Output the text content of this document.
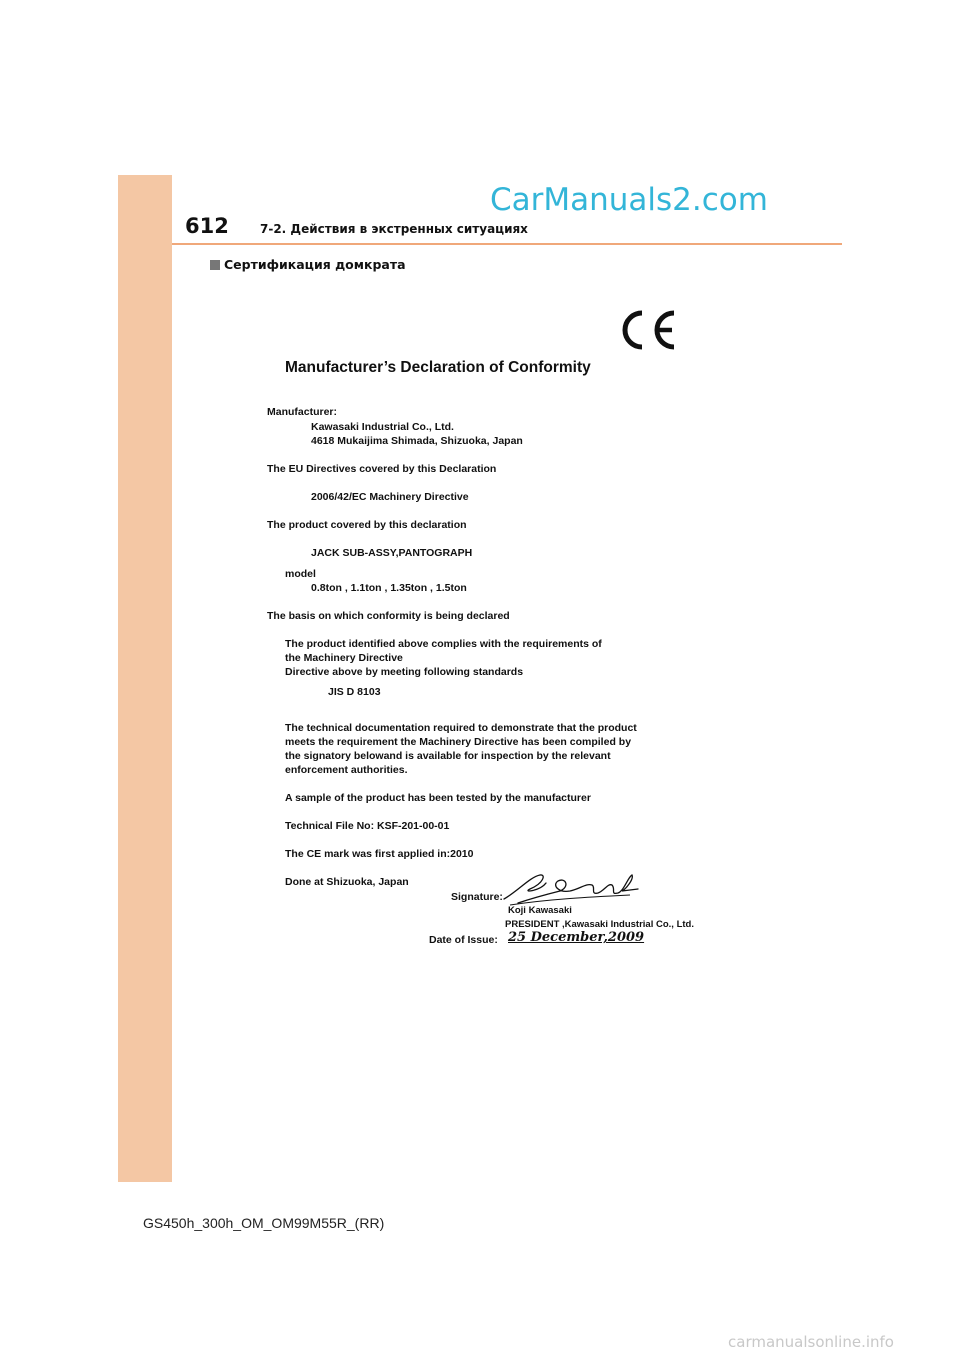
612	7-2. Действия в экстренных ситуациях
CarManuals2.com
Сертификация домкрата
Manufacturer’s Declaration of Conformity
Manufacturer:
Kawasaki Industrial Co., Ltd.
4618 Mukaijima Shimada, Shizuoka, Japan
The EU Directives covered by this Declaration
2006/42/EC Machinery Directive
The product covered by this declaration
JACK SUB-ASSY,PANTOGRAPH
model
0.8ton , 1.1ton , 1.35ton , 1.5ton
The basis on which conformity is being declared
The product identified above complies with the requirements of
the Machinery Directive
Directive above by meeting following standards
JIS D 8103
The technical documentation required to demonstrate that the product
meets the requirement the Machinery Directive has been compiled by
the signatory belowand is available for inspection by the relevant
enforcement authorities.
A sample of the product has been tested by the manufacturer
Technical File No: KSF-201-00-01
The CE mark was first applied in:2010
Done at Shizuoka, Japan
Signature:
Koji Kawasaki
PRESIDENT ,Kawasaki Industrial Co., Ltd.
Date of Issue: 25 December,2009
GS450h_300h_OM_OM99M55R_(RR)
carmanualsonline.info
